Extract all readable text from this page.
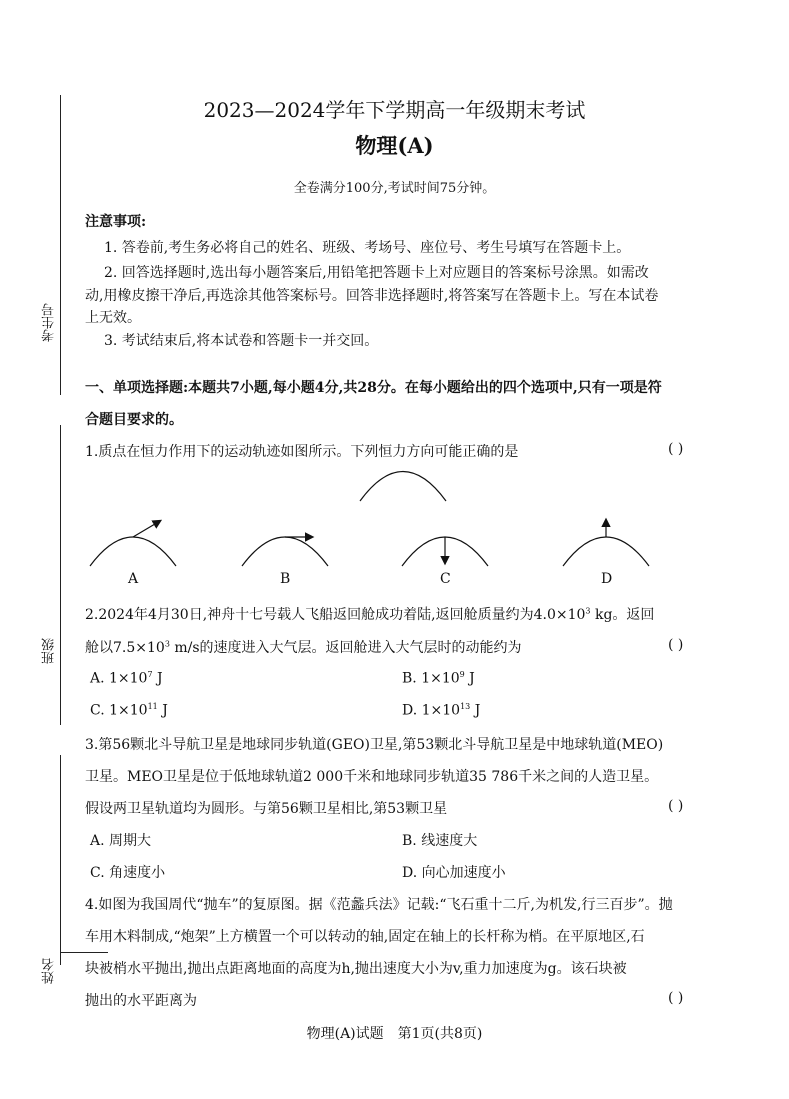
考生号
班级
姓名
2023—2024学年下学期高一年级期末考试
物理(A)
全卷满分100分,考试时间75分钟。
注意事项:
1. 答卷前,考生务必将自己的姓名、班级、考场号、座位号、考生号填写在答题卡上。
2. 回答选择题时,选出每小题答案后,用铅笔把答题卡上对应题目的答案标号涂黑。如需改
动,用橡皮擦干净后,再选涂其他答案标号。回答非选择题时,将答案写在答题卡上。写在本试卷
上无效。
3. 考试结束后,将本试卷和答题卡一并交回。
一、单项选择题:本题共7小题,每小题4分,共28分。在每小题给出的四个选项中,只有一项是符
合题目要求的。
1.质点在恒力作用下的运动轨迹如图所示。下列恒力方向可能正确的是	( )
A	B	C	D
2.2024年4月30日,神舟十七号载人飞船返回舱成功着陆,返回舱质量约为$4.0\times 10^3$ kg。返回
舱以$7.5\times 10^3$ m/s的速度进入大气层。返回舱进入大气层时的动能约为	( )
A. $1\times 10^7$ J	B. $1\times 10^9$ J
C. $1\times 10^{11}$ J	D. $1\times 10^{13}$ J
3.第56颗北斗导航卫星是地球同步轨道(GEO)卫星,第53颗北斗导航卫星是中地球轨道(MEO)
卫星。MEO卫星是位于低地球轨道2 000千米和地球同步轨道35 786千米之间的人造卫星。
假设两卫星轨道均为圆形。与第56颗卫星相比,第53颗卫星	( )
A. 周期大	B. 线速度大
C. 角速度小	D. 向心加速度小
4.如图为我国周代“抛车”的复原图。据《范蠡兵法》记载:“飞石重十二斤,为机发,行三百步”。抛
车用木料制成,“炮架”上方横置一个可以转动的轴,固定在轴上的长杆称为梢。在平原地区,石
块被梢水平抛出,抛出点距离地面的高度为h,抛出速度大小为v,重力加速度为g。该石块被
抛出的水平距离为	( )
物理(A)试题　第1页(共8页)
